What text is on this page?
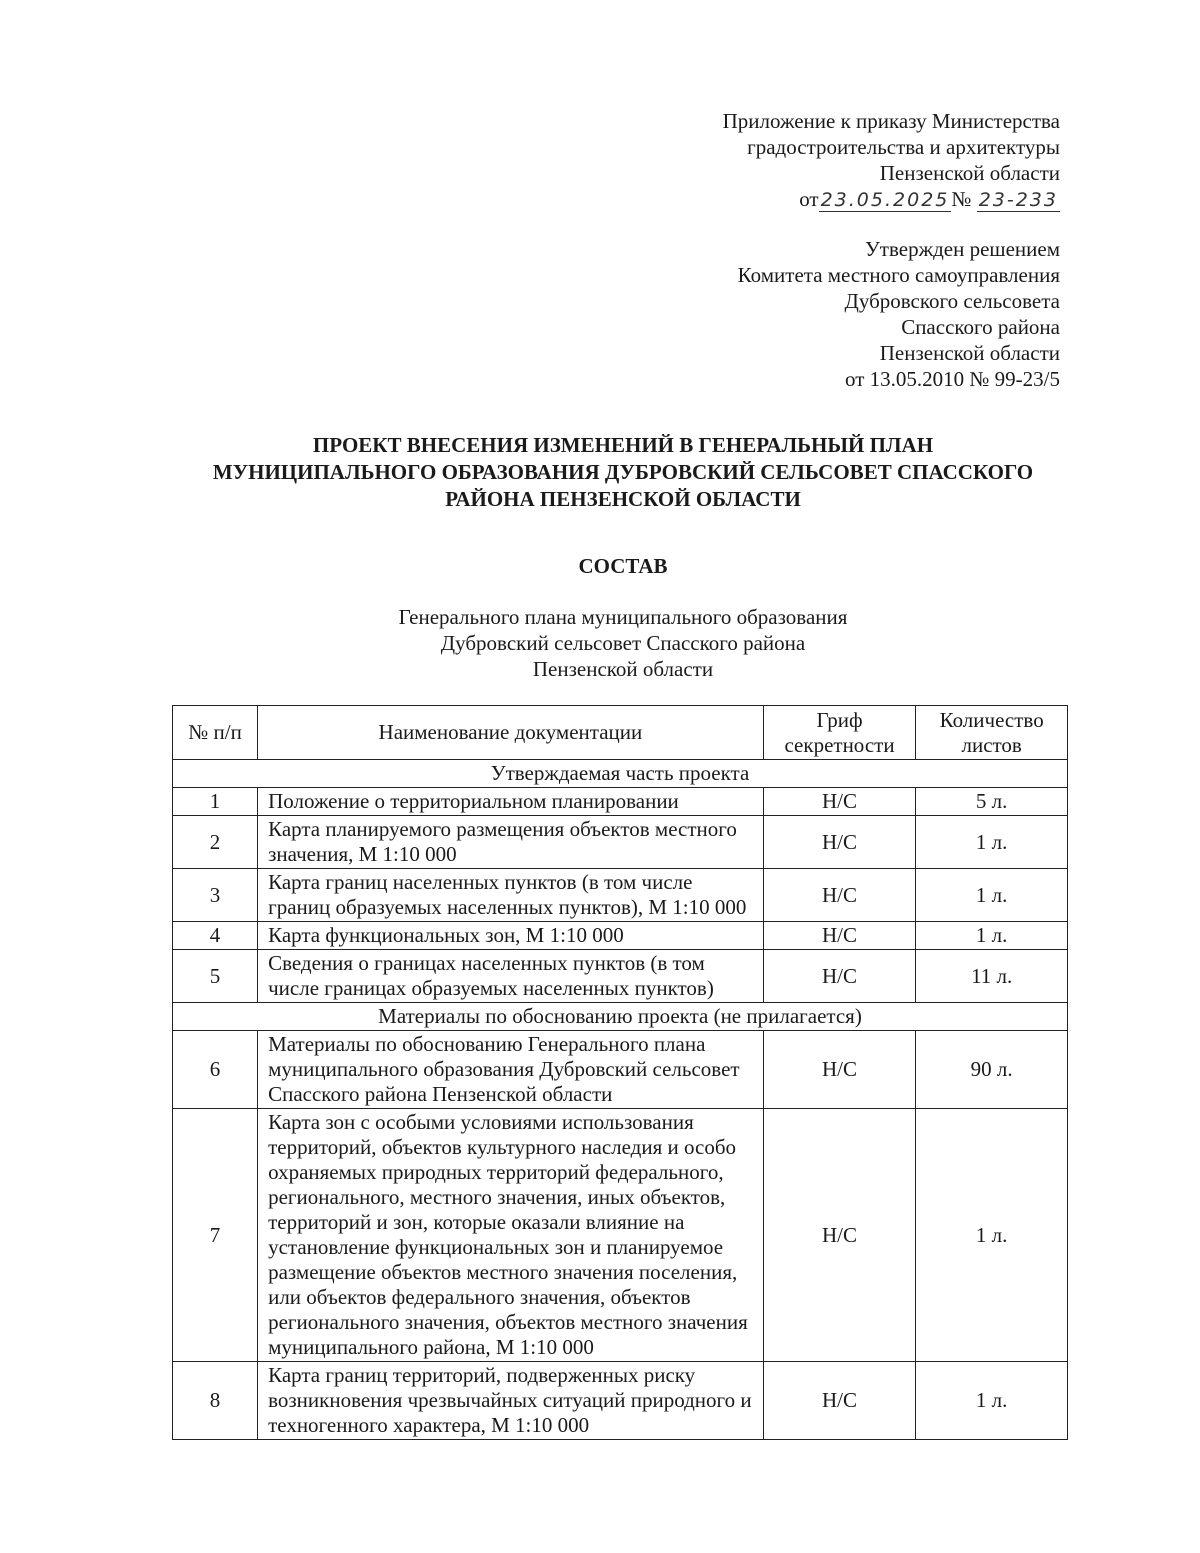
Приложение к приказу Министерства
градостроительства и архитектуры
Пензенской области
от 23.05.2025№ 23-233
Утвержден решением
Комитета местного самоуправления
Дубровского сельсовета
Спасского района
Пензенской области
от 13.05.2010 № 99-23/5
ПРОЕКТ ВНЕСЕНИЯ ИЗМЕНЕНИЙ В ГЕНЕРАЛЬНЫЙ ПЛАН
МУНИЦИПАЛЬНОГО ОБРАЗОВАНИЯ ДУБРОВСКИЙ СЕЛЬСОВЕТ СПАССКОГО
РАЙОНА ПЕНЗЕНСКОЙ ОБЛАСТИ
СОСТАВ
Генерального плана муниципального образования
Дубровский сельсовет Спасского района
Пензенской области
№ п/п	Наименование документации	Гриф секретности	Количество листов
Утверждаемая часть проекта			
1	Положение о территориальном планировании	Н/С	5 л.
2	Карта планируемого размещения объектов местного значения, М 1:10 000	Н/С	1 л.
3	Карта границ населенных пунктов (в том числе границ образуемых населенных пунктов), М 1:10 000	Н/С	1 л.
4	Карта функциональных зон, М 1:10 000	Н/С	1 л.
5	Сведения о границах населенных пунктов (в том числе границах образуемых населенных пунктов)	Н/С	11 л.
Материалы по обоснованию проекта (не прилагается)			
6	Материалы по обоснованию Генерального плана муниципального образования Дубровский сельсовет Спасского района Пензенской области	Н/С	90 л.
7	Карта зон с особыми условиями использования территорий, объектов культурного наследия и особо охраняемых природных территорий федерального, регионального, местного значения, иных объектов, территорий и зон, которые оказали влияние на установление функциональных зон и планируемое размещение объектов местного значения поселения, или объектов федерального значения, объектов регионального значения, объектов местного значения муниципального района, М 1:10 000	Н/С	1 л.
8	Карта границ территорий, подверженных риску возникновения чрезвычайных ситуаций природного и техногенного характера, М 1:10 000	Н/С	1 л.
